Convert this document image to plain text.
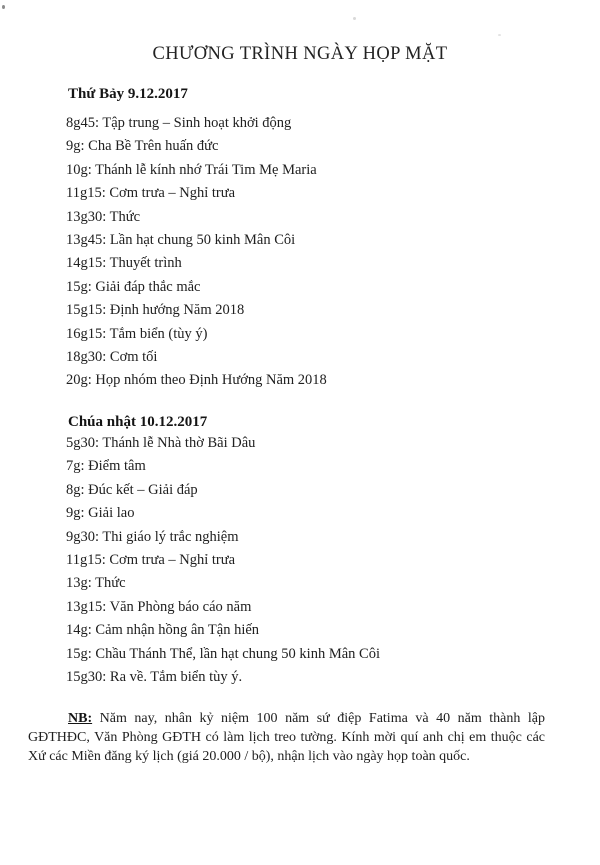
CHƯƠNG TRÌNH NGÀY HỌP MẶT
Thứ Bảy 9.12.2017
8g45: Tập trung – Sinh hoạt khởi động
9g: Cha Bề Trên huấn đức
10g: Thánh lễ kính nhớ Trái Tim Mẹ Maria
11g15: Cơm trưa – Nghỉ trưa
13g30: Thức
13g45: Lần hạt chung 50 kinh Mân Côi
14g15: Thuyết trình
15g: Giải đáp thắc mắc
15g15: Định hướng Năm 2018
16g15: Tắm biển (tùy ý)
18g30: Cơm tối
20g: Họp nhóm theo Định Hướng Năm 2018
Chúa nhật 10.12.2017
5g30: Thánh lễ Nhà thờ Bãi Dâu
7g: Điểm tâm
8g: Đúc kết – Giải đáp
9g: Giải lao
9g30: Thi giáo lý trắc nghiệm
11g15: Cơm trưa – Nghỉ trưa
13g: Thức
13g15: Văn Phòng báo cáo năm
14g: Cảm nhận hồng ân Tận hiến
15g: Chầu Thánh Thể, lần hạt chung 50 kinh Mân Côi
15g30: Ra về. Tắm biển tùy ý.

NB: Năm nay, nhân kỷ niệm 100 năm sứ điệp Fatima và 40 năm thành lập GĐTHĐC, Văn Phòng GĐTH có làm lịch treo tường. Kính mời quí anh chị em thuộc các Xứ các Miền đăng ký lịch (giá 20.000 / bộ), nhận lịch vào ngày họp toàn quốc.
